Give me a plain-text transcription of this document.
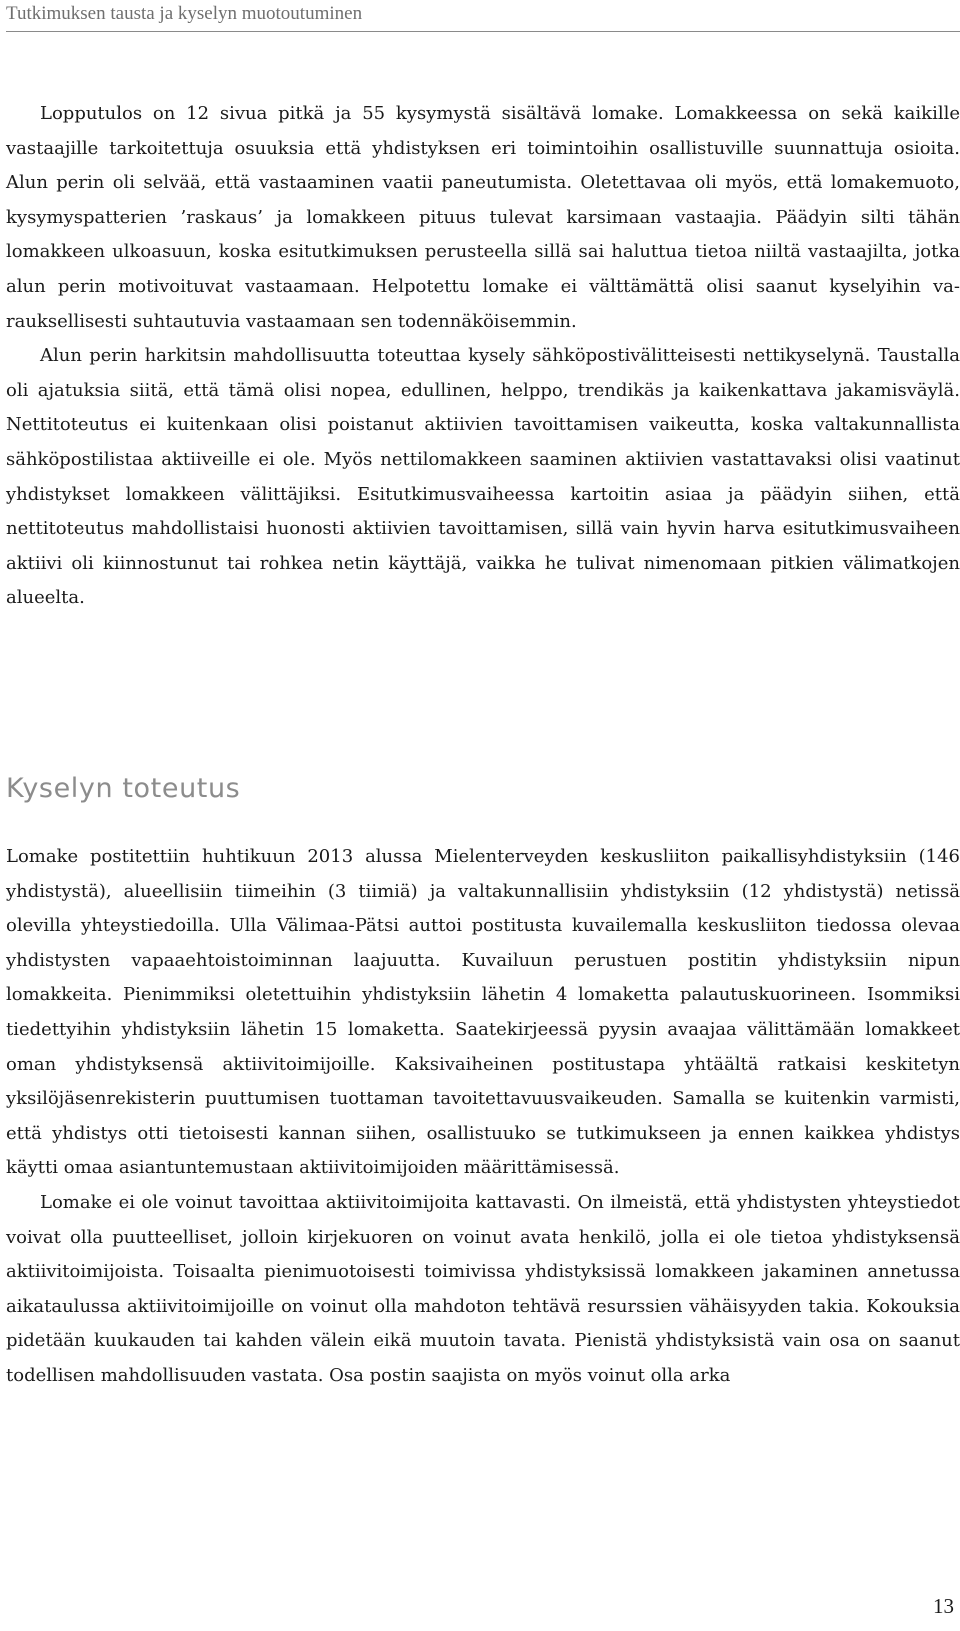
Tutkimuksen tausta ja kyselyn muotoutuminen

Lopputulos on 12 sivua pitkä ja 55 kysymystä sisältävä lomake. Lomakkeessa on sekä kaikille vastaajille tarkoitettuja osuuksia että yhdistyksen eri toimintoihin osallistuville suunnattuja osioita. Alun perin oli selvää, että vastaaminen vaatii paneutumista. Oletettavaa oli myös, että lomakemuoto, kysymyspatterien ’raskaus’ ja lomakkeen pituus tulevat karsimaan vastaajia. Päädyin silti tähän lomakkeen ulkoasuun, koska esitutkimuksen perusteella sillä sai haluttua tietoa niiltä vastaajilta, jotka alun perin motivoituvat vastaamaan. Helpotettu lomake ei välttämättä olisi saanut kyselyihin varauksellisesti suhtautuvia vastaamaan sen todennäköisemmin.

Alun perin harkitsin mahdollisuutta toteuttaa kysely sähköpostivälitteisesti nettikyselynä. Taustalla oli ajatuksia siitä, että tämä olisi nopea, edullinen, helppo, trendikäs ja kaikenkattava jakamisväylä. Nettitoteutus ei kuitenkaan olisi poistanut aktiivien tavoittamisen vaikeutta, koska valtakunnallista sähköpostilistaa aktiiveille ei ole. Myös nettilomakkeen saaminen aktiivien vastattavaksi olisi vaatinut yhdistykset lomakkeen välittäjiksi. Esitutkimusvaiheessa kartoitin asiaa ja päädyin siihen, että nettitoteutus mahdollistaisi huonosti aktiivien tavoittamisen, sillä vain hyvin harva esitutkimusvaiheen aktiivi oli kiinnostunut tai rohkea netin käyttäjä, vaikka he tulivat nimenomaan pitkien välimatkojen alueelta.

Kyselyn toteutus

Lomake postitettiin huhtikuun 2013 alussa Mielenterveyden keskusliiton paikallisyhdistyksiin (146 yhdistystä), alueellisiin tiimeihin (3 tiimiä) ja valtakunnallisiin yhdistyksiin (12 yhdistystä) netissä olevilla yhteystiedoilla. Ulla Välimaa-Pätsi auttoi postitusta kuvailemalla keskusliiton tiedossa olevaa yhdistysten vapaaehtoistoiminnan laajuutta. Kuvailuun perustuen postitin yhdistyksiin nipun lomakkeita. Pienimmiksi oletettuihin yhdistyksiin lähetin 4 lomaketta palautuskuorineen. Isommiksi tiedettyihin yhdistyksiin lähetin 15 lomaketta. Saatekirjeessä pyysin avaajaa välittämään lomakkeet oman yhdistyksensä aktiivitoimijoille. Kaksivaiheinen postitustapa yhtäältä ratkaisi keskitetyn yksilöjäsenrekisterin puuttumisen tuottaman tavoitettavuusvaikeuden. Samalla se kuitenkin varmisti, että yhdistys otti tietoisesti kannan siihen, osallistuuko se tutkimukseen ja ennen kaikkea yhdistys käytti omaa asiantuntemustaan aktiivitoimijoiden määrittämisessä.

Lomake ei ole voinut tavoittaa aktiivitoimijoita kattavasti. On ilmeistä, että yhdistysten yhteystiedot voivat olla puutteelliset, jolloin kirjekuoren on voinut avata henkilö, jolla ei ole tietoa yhdistyksensä aktiivitoimijoista. Toisaalta pienimuotoisesti toimivissa yhdistyksissä lomakkeen jakaminen annetussa aikataulussa aktiivitoimijoille on voinut olla mahdoton tehtävä resurssien vähäisyyden takia. Kokouksia pidetään kuukauden tai kahden välein eikä muutoin tavata. Pienistä yhdistyksistä vain osa on saanut todellisen mahdollisuuden vastata. Osa postin saajista on myös voinut olla arka

13
